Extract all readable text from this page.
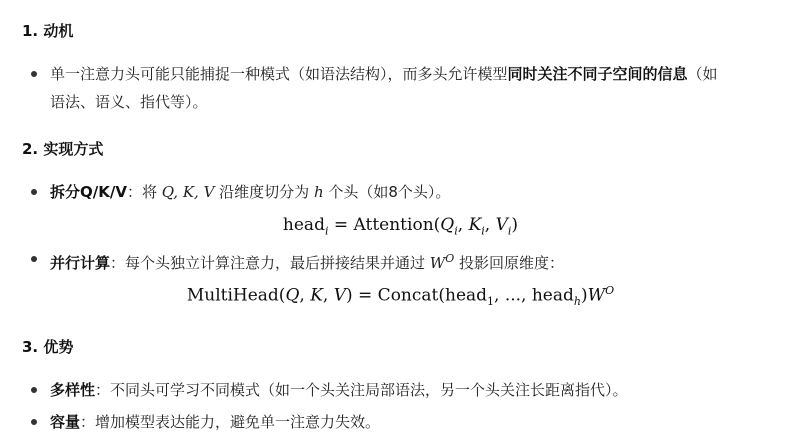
1. 动机
单一注意力头可能只能捕捉一种模式（如语法结构），而多头允许模型同时关注不同子空间的信息（如
语法、语义、指代等）。
2. 实现方式
拆分Q/K/V：将 Q, K, V 沿维度切分为 h 个头（如8个头）。
head$_i$ = $Attention(Q_i$, $K_i$, $V_i$)
并行计算：每个头独立计算注意力，最后拼接结果并通过 $W^O$ 投影回原维度：
MultiHead(Q, K, V) = Concat(head$_1$, ..., $head_h)W^O$
3. 优势
多样性：不同头可学习不同模式（如一个头关注局部语法，另一个头关注长距离指代）。
容量：增加模型表达能力，避免单一注意力失效。
